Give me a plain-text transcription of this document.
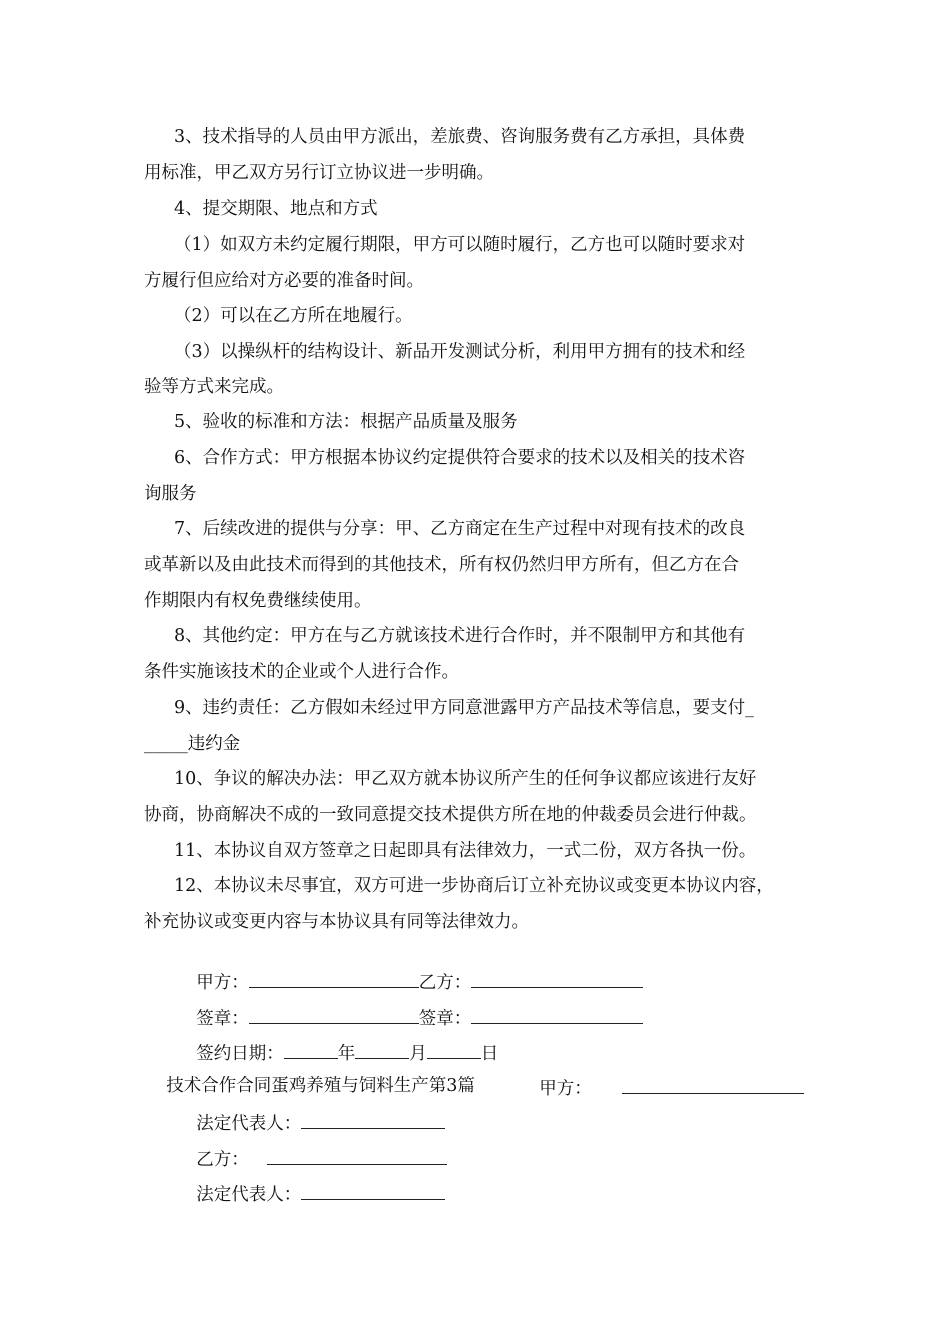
3、技术指导的人员由甲方派出，差旅费、咨询服务费有乙方承担，具体费
用标准，甲乙双方另行订立协议进一步明确。
4、提交期限、地点和方式
（1）如双方未约定履行期限，甲方可以随时履行，乙方也可以随时要求对
方履行但应给对方必要的准备时间。
（2）可以在乙方所在地履行。
（3）以操纵杆的结构设计、新品开发测试分析，利用甲方拥有的技术和经
验等方式来完成。
5、验收的标准和方法：根据产品质量及服务
6、合作方式：甲方根据本协议约定提供符合要求的技术以及相关的技术咨
询服务
7、后续改进的提供与分享：甲、乙方商定在生产过程中对现有技术的改良
或革新以及由此技术而得到的其他技术，所有权仍然归甲方所有，但乙方在合
作期限内有权免费继续使用。
8、其他约定：甲方在与乙方就该技术进行合作时，并不限制甲方和其他有
条件实施该技术的企业或个人进行合作。
9、违约责任：乙方假如未经过甲方同意泄露甲方产品技术等信息，要支付_
_____违约金
10、争议的解决办法：甲乙双方就本协议所产生的任何争议都应该进行友好
协商，协商解决不成的一致同意提交技术提供方所在地的仲裁委员会进行仲裁。
11、本协议自双方签章之日起即具有法律效力，一式二份，双方各执一份。
12、本协议未尽事宜，双方可进一步协商后订立补充协议或变更本协议内容，
补充协议或变更内容与本协议具有同等法律效力。

甲方：	乙方：

签章：	签章：

签约日期：	年	月	日

技术合作合同蛋鸡养殖与饲料生产第3篇
	甲方：

法定代表人：

乙方：

法定代表人：
